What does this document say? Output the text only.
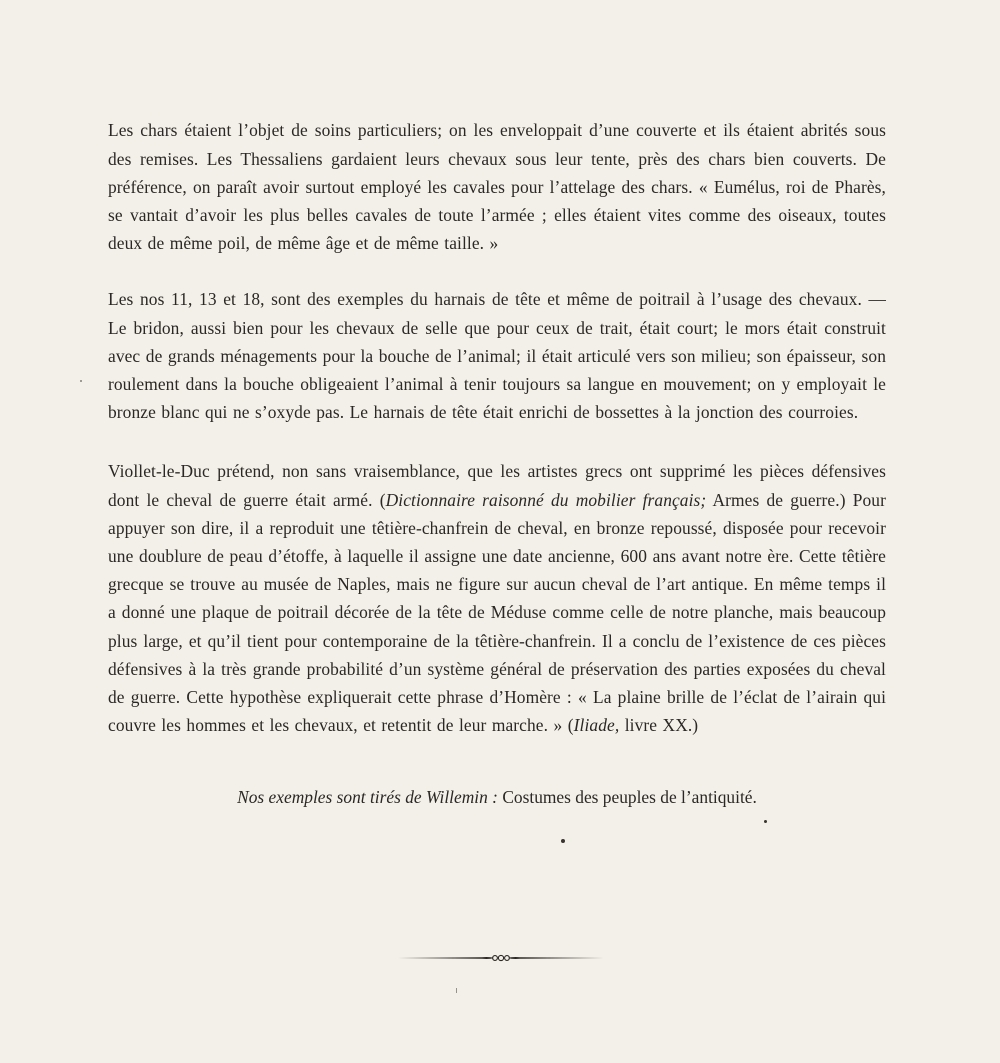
Les chars étaient l’objet de soins particuliers; on les enveloppait d’une couverte et ils étaient abrités sous des remises. Les Thessaliens gardaient leurs chevaux sous leur tente, près des chars bien couverts. De préférence, on paraît avoir surtout employé les cavales pour l’attelage des chars. « Eumélus, roi de Pharès, se vantait d’avoir les plus belles cavales de toute l’armée ; elles étaient vites comme des oiseaux, toutes deux de même poil, de même âge et de même taille. »

Les nos 11, 13 et 18, sont des exemples du harnais de tête et même de poitrail à l’usage des chevaux. — Le bridon, aussi bien pour les chevaux de selle que pour ceux de trait, était court; le mors était construit avec de grands ménagements pour la bouche de l’animal; il était articulé vers son milieu; son épaisseur, son roulement dans la bouche obligeaient l’animal à tenir toujours sa langue en mouvement; on y employait le bronze blanc qui ne s’oxyde pas. Le harnais de tête était enrichi de bossettes à la jonction des courroies.

Viollet-le-Duc prétend, non sans vraisemblance, que les artistes grecs ont supprimé les pièces défensives dont le cheval de guerre était armé. (Dictionnaire raisonné du mobilier français; Armes de guerre.) Pour appuyer son dire, il a reproduit une têtière-chanfrein de cheval, en bronze repoussé, disposée pour recevoir une doublure de peau d’étoffe, à laquelle il assigne une date ancienne, 600 ans avant notre ère. Cette têtière grecque se trouve au musée de Naples, mais ne figure sur aucun cheval de l’art antique. En même temps il a donné une plaque de poitrail décorée de la tête de Méduse comme celle de notre planche, mais beaucoup plus large, et qu’il tient pour contemporaine de la têtière-chanfrein. Il a conclu de l’existence de ces pièces défensives à la très grande probabilité d’un système général de préservation des parties exposées du cheval de guerre. Cette hypothèse expliquerait cette phrase d’Homère : « La plaine brille de l’éclat de l’airain qui couvre les hommes et les chevaux, et retentit de leur marche. » (Iliade, livre XX.)

Nos exemples sont tirés de Willemin : Costumes des peuples de l’antiquité.
